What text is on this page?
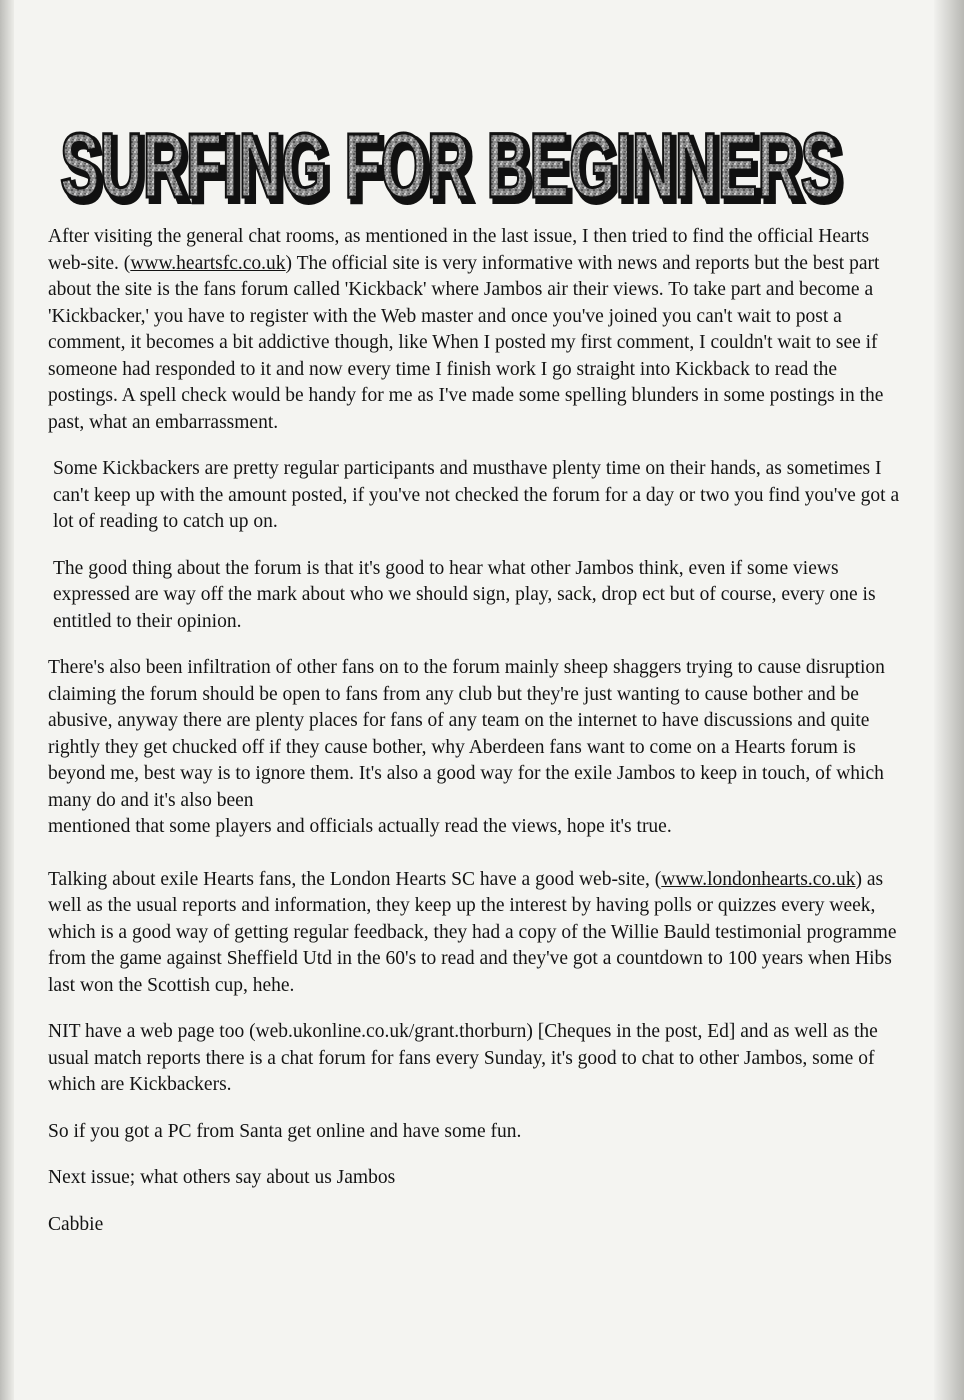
SURFING FOR BEGINNERS
SURFING FOR BEGINNERS

After visiting the general chat rooms, as mentioned in the last issue, I then tried to find the official Hearts web-site. (www.heartsfc.co.uk) The official site is very informative with news and reports but the best part about the site is the fans forum called 'Kickback' where Jambos air their views. To take part and become a 'Kickbacker,' you have to register with the Web master and once you've joined you can't wait to post a comment, it becomes a bit addictive though, like When I posted my first comment, I couldn't wait to see if someone had responded to it and now every time I finish work I go straight into Kickback to read the postings. A spell check would be handy for me as I've made some spelling blunders in some postings in the past, what an embarrassment.

Some Kickbackers are pretty regular participants and musthave plenty time on their hands, as sometimes I can't keep up with the amount posted, if you've not checked the forum for a day or two you find you've got a lot of reading to catch up on.

The good thing about the forum is that it's good to hear what other Jambos think, even if some views expressed are way off the mark about who we should sign, play, sack, drop ect but of course, every one is entitled to their opinion.

There's also been infiltration of other fans on to the forum mainly sheep shaggers trying to cause disruption claiming the forum should be open to fans from any club but they're just wanting to cause bother and be abusive, anyway there are plenty places for fans of any team on the internet to have discussions and quite rightly they get chucked off if they cause bother, why Aberdeen fans want to come on a Hearts forum is beyond me, best way is to ignore them. It's also a good way for the exile Jambos to keep in touch, of which many do and it's also been

mentioned that some players and officials actually read the views, hope it's true.

Talking about exile Hearts fans, the London Hearts SC have a good web-site, (www.londonhearts.co.uk) as well as the usual reports and information, they keep up the interest by having polls or quizzes every week, which is a good way of getting regular feedback, they had a copy of the Willie Bauld testimonial programme from the game against Sheffield Utd in the 60's to read and they've got a countdown to 100 years when Hibs last won the Scottish cup, hehe.

NIT have a web page too (web.ukonline.co.uk/grant.thorburn) [Cheques in the post, Ed] and as well as the usual match reports there is a chat forum for fans every Sunday, it's good to chat to other Jambos, some of which are Kickbackers.

So if you got a PC from Santa get online and have some fun.

Next issue; what others say about us Jambos

Cabbie
